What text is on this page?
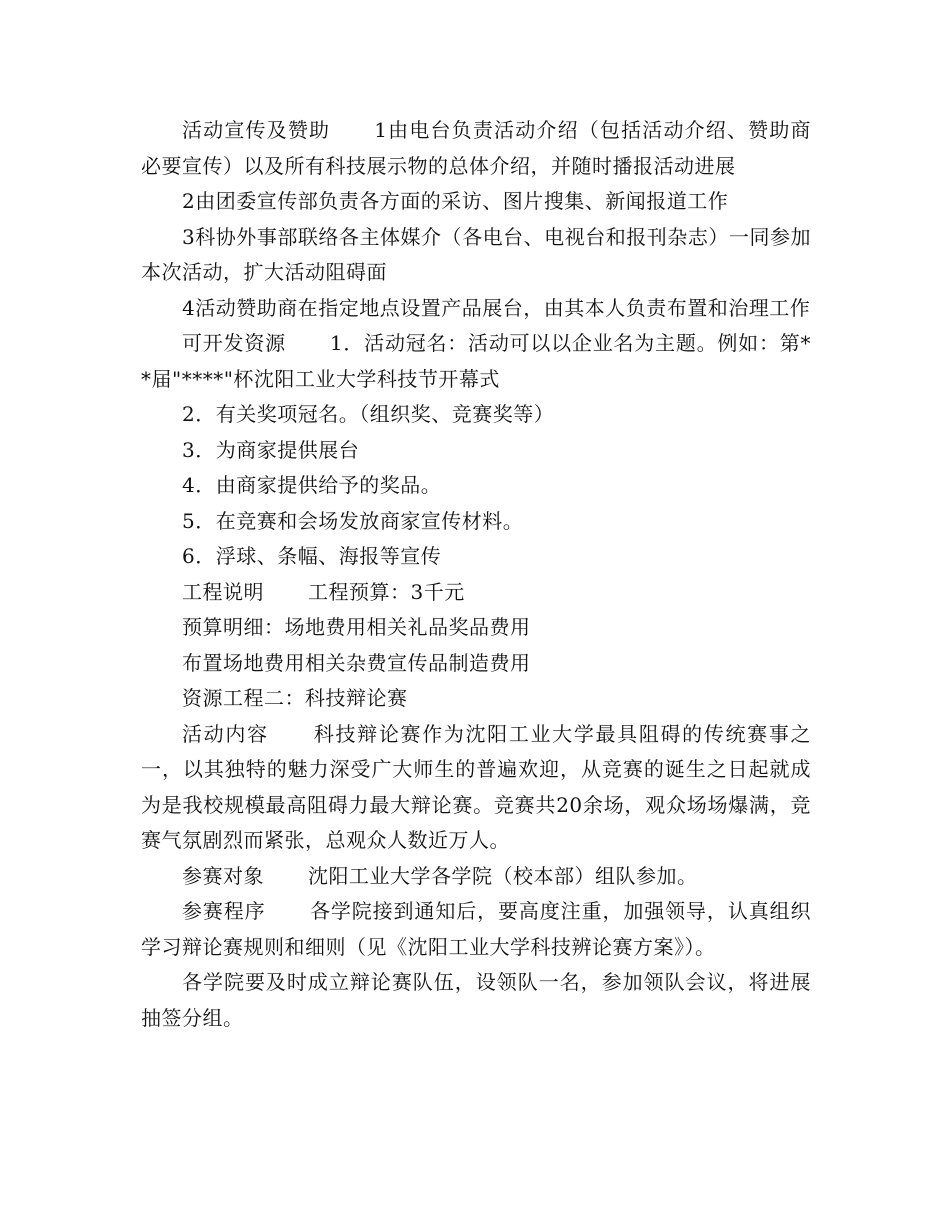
活动宣传及赞助 1由电台负责活动介绍（包括活动介绍、赞助商必要宣传）以及所有科技展示物的总体介绍，并随时播报活动进展

2由团委宣传部负责各方面的采访、图片搜集、新闻报道工作

3科协外事部联络各主体媒介（各电台、电视台和报刊杂志）一同参加本次活动，扩大活动阻碍面

4活动赞助商在指定地点设置产品展台，由其本人负责布置和治理工作

可开发资源 1．活动冠名：活动可以以企业名为主题。例如：第**届"****"杯沈阳工业大学科技节开幕式

2．有关奖项冠名。（组织奖、竞赛奖等）

3．为商家提供展台

4．由商家提供给予的奖品。

5．在竞赛和会场发放商家宣传材料。

6．浮球、条幅、海报等宣传

工程说明 工程预算：3千元

预算明细：场地费用相关礼品奖品费用

布置场地费用相关杂费宣传品制造费用

资源工程二：科技辩论赛

活动内容 科技辩论赛作为沈阳工业大学最具阻碍的传统赛事之一，以其独特的魅力深受广大师生的普遍欢迎，从竞赛的诞生之日起就成为是我校规模最高阻碍力最大辩论赛。竞赛共20余场，观众场场爆满，竞赛气氛剧烈而紧张，总观众人数近万人。

参赛对象 沈阳工业大学各学院（校本部）组队参加。

参赛程序 各学院接到通知后，要高度注重，加强领导，认真组织学习辩论赛规则和细则（见《沈阳工业大学科技辨论赛方案》）。

各学院要及时成立辩论赛队伍，设领队一名，参加领队会议，将进展抽签分组。
